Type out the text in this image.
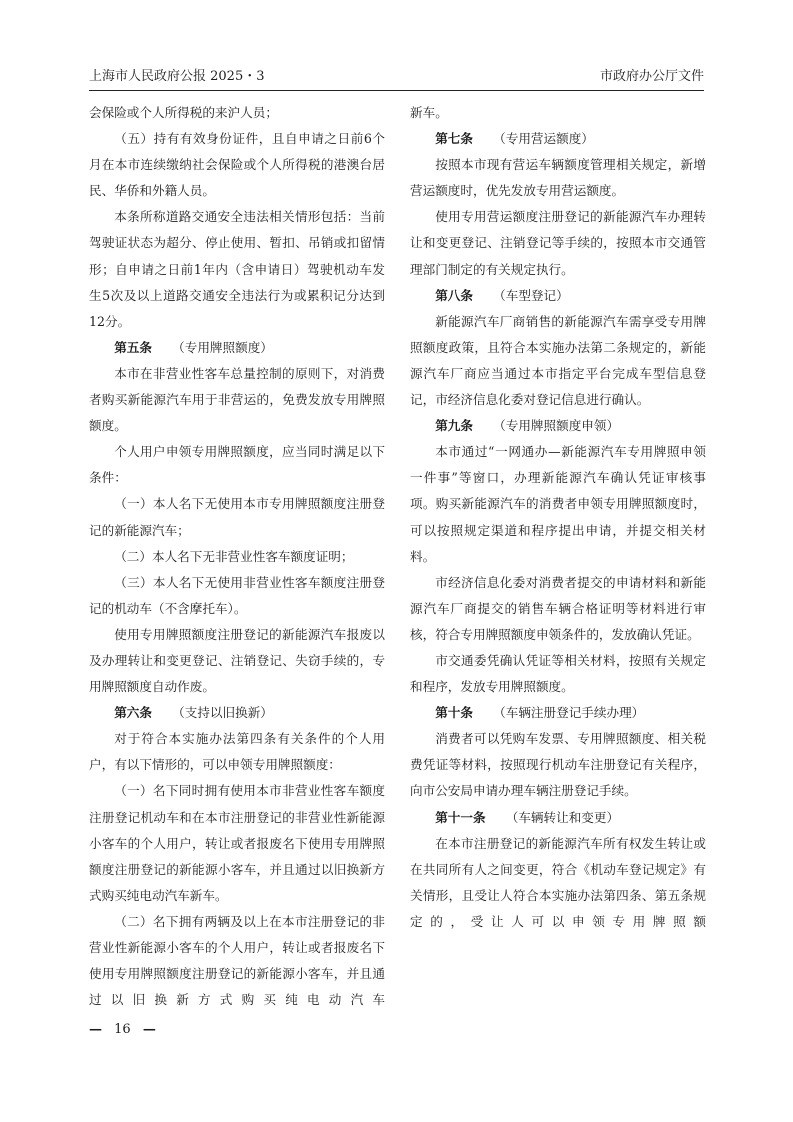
上海市人民政府公报 2025・3	市政府办公厅文件

会保险或个人所得税的来沪人员；

（五）持有有效身份证件，且自申请之日前6个月在本市连续缴纳社会保险或个人所得税的港澳台居民、华侨和外籍人员。

本条所称道路交通安全违法相关情形包括：当前驾驶证状态为超分、停止使用、暂扣、吊销或扣留情形；自申请之日前1年内（含申请日）驾驶机动车发生5次及以上道路交通安全违法行为或累积记分达到12分。

第五条 （专用牌照额度）

本市在非营业性客车总量控制的原则下，对消费者购买新能源汽车用于非营运的，免费发放专用牌照额度。

个人用户申领专用牌照额度，应当同时满足以下条件：

（一）本人名下无使用本市专用牌照额度注册登记的新能源汽车；

（二）本人名下无非营业性客车额度证明；

（三）本人名下无使用非营业性客车额度注册登记的机动车（不含摩托车）。

使用专用牌照额度注册登记的新能源汽车报废以及办理转让和变更登记、注销登记、失窃手续的，专用牌照额度自动作废。

第六条 （支持以旧换新）

对于符合本实施办法第四条有关条件的个人用户，有以下情形的，可以申领专用牌照额度：

（一）名下同时拥有使用本市非营业性客车额度注册登记机动车和在本市注册登记的非营业性新能源小客车的个人用户，转让或者报废名下使用专用牌照额度注册登记的新能源小客车，并且通过以旧换新方式购买纯电动汽车新车。

（二）名下拥有两辆及以上在本市注册登记的非营业性新能源小客车的个人用户，转让或者报废名下使用专用牌照额度注册登记的新能源小客车，并且通过以旧换新方式购买纯电动汽车

新车。

第七条 （专用营运额度）

按照本市现有营运车辆额度管理相关规定，新增营运额度时，优先发放专用营运额度。

使用专用营运额度注册登记的新能源汽车办理转让和变更登记、注销登记等手续的，按照本市交通管理部门制定的有关规定执行。

第八条 （车型登记）

新能源汽车厂商销售的新能源汽车需享受专用牌照额度政策，且符合本实施办法第二条规定的，新能源汽车厂商应当通过本市指定平台完成车型信息登记，市经济信息化委对登记信息进行确认。

第九条 （专用牌照额度申领）

本市通过“一网通办—新能源汽车专用牌照申领一件事”等窗口，办理新能源汽车确认凭证审核事项。购买新能源汽车的消费者申领专用牌照额度时，可以按照规定渠道和程序提出申请，并提交相关材料。

市经济信息化委对消费者提交的申请材料和新能源汽车厂商提交的销售车辆合格证明等材料进行审核，符合专用牌照额度申领条件的，发放确认凭证。

市交通委凭确认凭证等相关材料，按照有关规定和程序，发放专用牌照额度。

第十条 （车辆注册登记手续办理）

消费者可以凭购车发票、专用牌照额度、相关税费凭证等材料，按照现行机动车注册登记有关程序，向市公安局申请办理车辆注册登记手续。

第十一条 （车辆转让和变更）

在本市注册登记的新能源汽车所有权发生转让或在共同所有人之间变更，符合《机动车登记规定》有关情形，且受让人符合本实施办法第四条、第五条规定的，受让人可以申领专用牌照额

— 16 —
